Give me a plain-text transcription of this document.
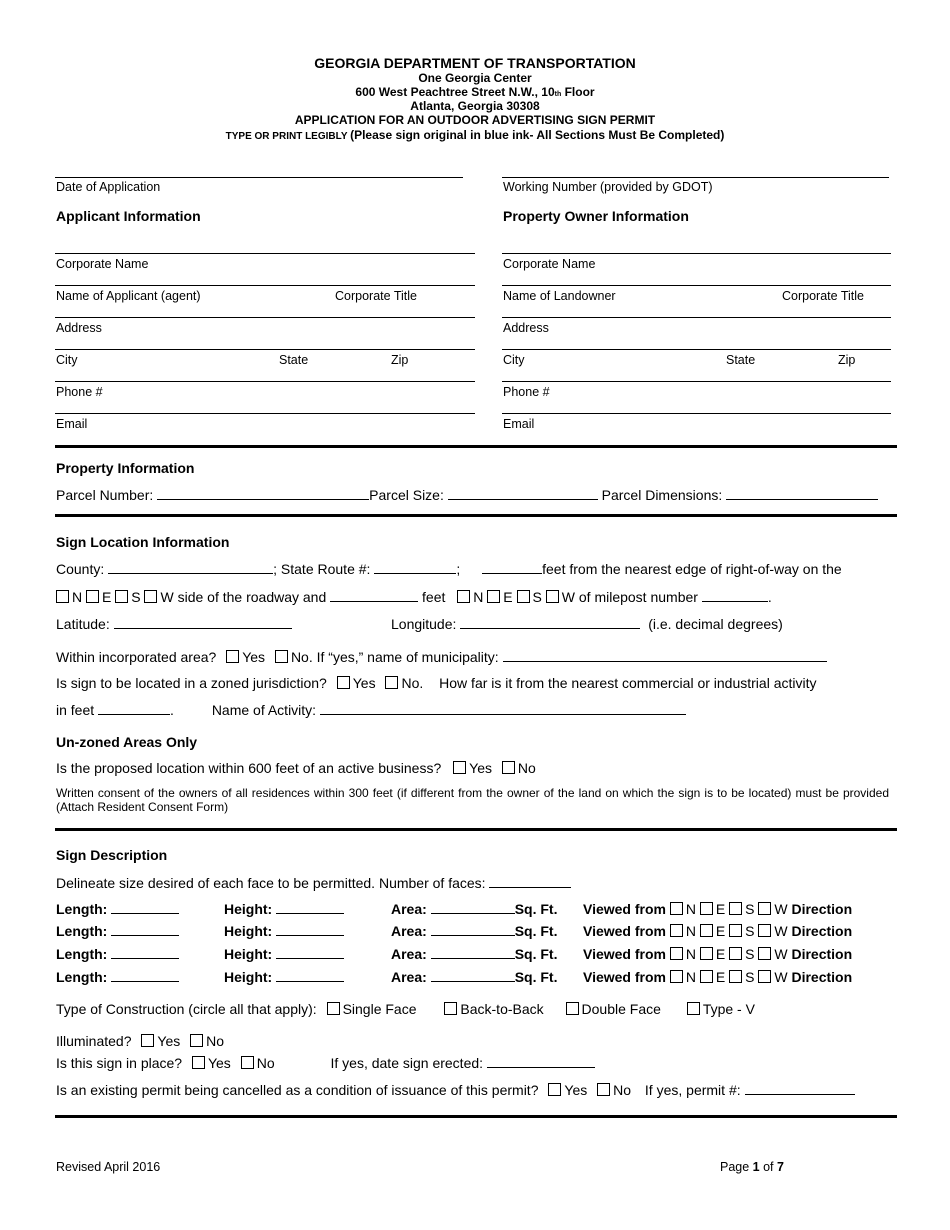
GEORGIA DEPARTMENT OF TRANSPORTATION
One Georgia Center
600 West Peachtree Street N.W., 10th Floor
Atlanta, Georgia 30308
APPLICATION FOR AN OUTDOOR ADVERTISING SIGN PERMIT
TYPE OR PRINT LEGIBLY (Please sign original in blue ink- All Sections Must Be Completed)
Date of Application	Working Number (provided by GDOT)
Applicant Information
Corporate Name
Name of Applicant (agent)	Corporate Title
Address
City	State	Zip
Phone #
Email
Property Owner Information
Corporate Name
Name of Landowner	Corporate Title
Address
City	State	Zip
Phone #
Email
Property Information
Parcel Number:	Parcel Size:	Parcel Dimensions:
Sign Location Information
County:	; State Route #:	;	feet from the nearest edge of right-of-way on the
N E S W side of the roadway and	feet N E S W of milepost number	.
Latitude:	Longitude:	(i.e. decimal degrees)
Within incorporated area? Yes No. If “yes,” name of municipality:
Is sign to be located in a zoned jurisdiction? Yes No. How far is it from the nearest commercial or industrial activity
in feet	.	Name of Activity:
Un-zoned Areas Only
Is the proposed location within 600 feet of an active business? Yes No
Written consent of the owners of all residences within 300 feet (if different from the owner of the land on which the sign is to be located) must be provided (Attach Resident Consent Form)
Sign Description
Delineate size desired of each face to be permitted. Number of faces:
Length:	Height:	Area:	Sq. Ft. Viewed from N E S W Direction
Length:	Height:	Area:	Sq. Ft. Viewed from N E S W Direction
Length:	Height:	Area:	Sq. Ft. Viewed from N E S W Direction
Length:	Height:	Area:	Sq. Ft. Viewed from N E S W Direction
Type of Construction (circle all that apply): Single Face	Back-to-Back	Double Face	Type - V
Illuminated? Yes No
Is this sign in place? Yes No	If yes, date sign erected:
Is an existing permit being cancelled as a condition of issuance of this permit? Yes No If yes, permit #:
Revised April 2016	Page 1 of 7
